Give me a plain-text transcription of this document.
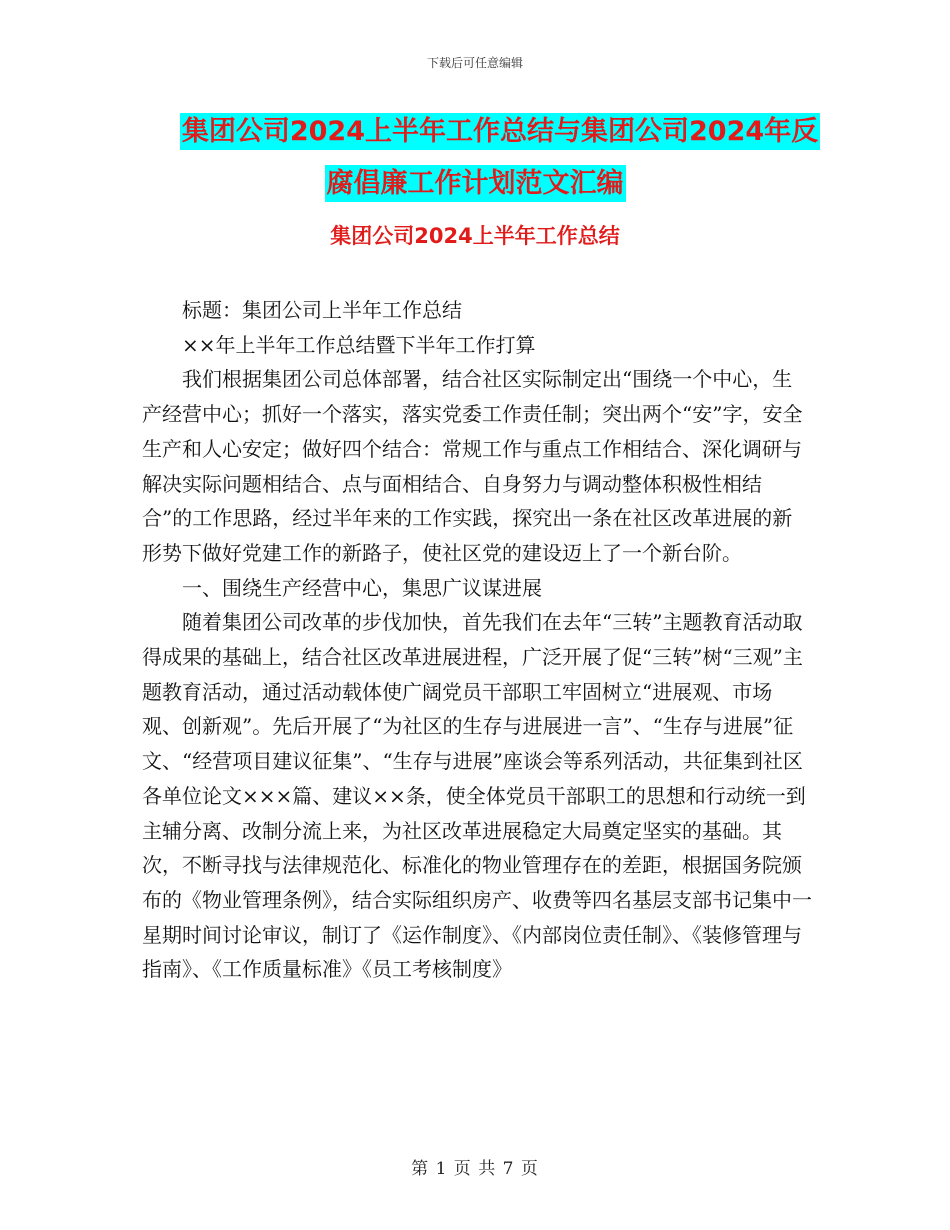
下载后可任意编辑
集团公司2024上半年工作总结与集团公司2024年反
腐倡廉工作计划范文汇编
集团公司2024上半年工作总结

标题：集团公司上半年工作总结

××年上半年工作总结暨下半年工作打算

我们根据集团公司总体部署，结合社区实际制定出“围绕一个中心，生产经营中心；抓好一个落实，落实党委工作责任制；突出两个“安”字，安全生产和人心安定；做好四个结合：常规工作与重点工作相结合、深化调研与解决实际问题相结合、点与面相结合、自身努力与调动整体积极性相结合”的工作思路，经过半年来的工作实践，探究出一条在社区改革进展的新形势下做好党建工作的新路子，使社区党的建设迈上了一个新台阶。

一、围绕生产经营中心，集思广议谋进展

随着集团公司改革的步伐加快，首先我们在去年“三转”主题教育活动取得成果的基础上，结合社区改革进展进程，广泛开展了促“三转”树“三观”主题教育活动，通过活动载体使广阔党员干部职工牢固树立“进展观、市场观、创新观”。先后开展了“为社区的生存与进展进一言”、“生存与进展”征文、“经营项目建议征集”、“生存与进展”座谈会等系列活动，共征集到社区各单位论文×××篇、建议××条，使全体党员干部职工的思想和行动统一到主辅分离、改制分流上来，为社区改革进展稳定大局奠定坚实的基础。其次，不断寻找与法律规范化、标准化的物业管理存在的差距，根据国务院颁布的《物业管理条例》，结合实际组织房产、收费等四名基层支部书记集中一星期时间讨论审议，制订了《运作制度》、《内部岗位责任制》、《装修管理与指南》、《工作质量标准》《员工考核制度》

第 1 页 共 7 页
